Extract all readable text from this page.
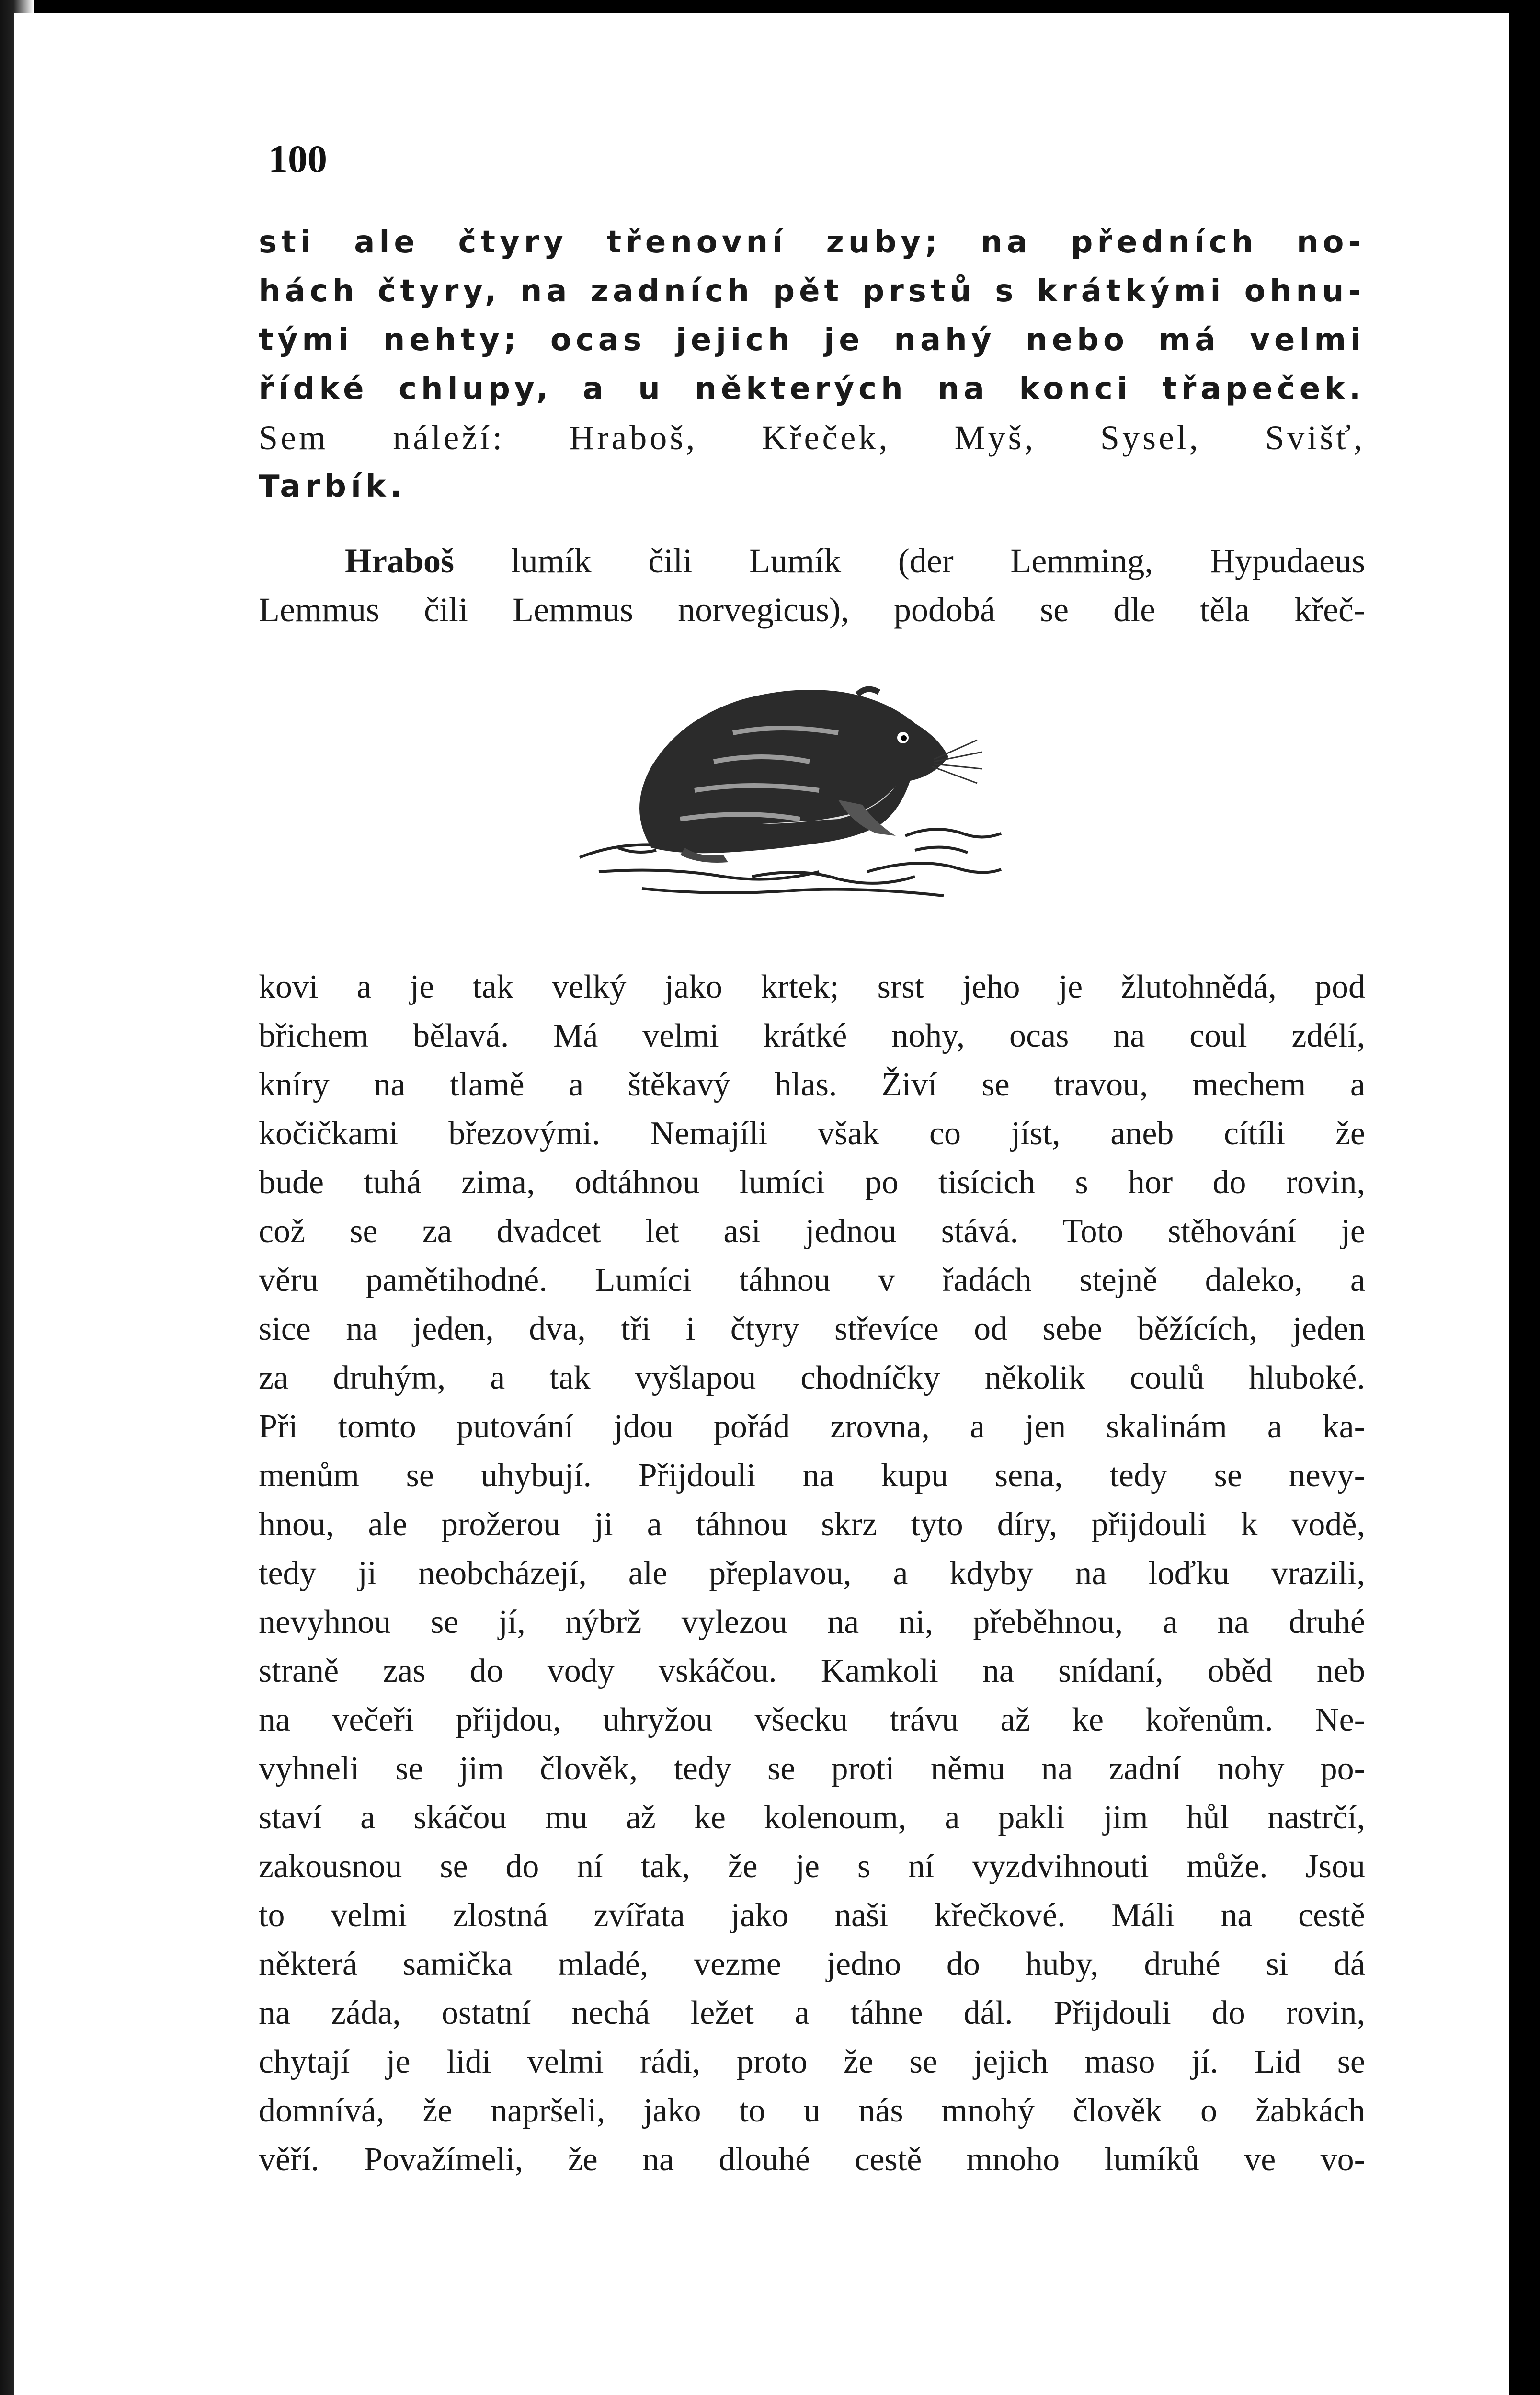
100
sti ale čtyry třenovní zuby; na předních no-
hách čtyry, na zadních pět prstů s krátkými ohnu-
tými nehty; ocas jejich je nahý nebo má velmi
řídké chlupy, a u některých na konci třapeček.
Sem náleží: Hraboš, Křeček, Myš, Sysel, Svišť,
Tarbík.
Hraboš lumík čili Lumík (der Lemming, Hypudaeus
Lemmus čili Lemmus norvegicus), podobá se dle těla křeč-
kovi a je tak velký jako krtek; srst jeho je žlutohnědá, pod
břichem bělavá. Má velmi krátké nohy, ocas na coul zdélí,
kníry na tlamě a štěkavý hlas. Živí se travou, mechem a
kočičkami březovými. Nemajíli však co jíst, aneb cítíli že
bude tuhá zima, odtáhnou lumíci po tisícich s hor do rovin,
což se za dvadcet let asi jednou stává. Toto stěhování je
věru pamětihodné. Lumíci táhnou v řadách stejně daleko, a
sice na jeden, dva, tři i čtyry střevíce od sebe běžících, jeden
za druhým, a tak vyšlapou chodníčky několik coulů hluboké.
Při tomto putování jdou pořád zrovna, a jen skalinám a ka-
menům se uhybují. Přijdouli na kupu sena, tedy se nevy-
hnou, ale prožerou ji a táhnou skrz tyto díry, přijdouli k vodě,
tedy ji neobcházejí, ale přeplavou, a kdyby na loďku vrazili,
nevyhnou se jí, nýbrž vylezou na ni, přeběhnou, a na druhé
straně zas do vody vskáčou. Kamkoli na snídaní, oběd neb
na večeři přijdou, uhryžou všecku trávu až ke kořenům. Ne-
vyhneli se jim člověk, tedy se proti němu na zadní nohy po-
staví a skáčou mu až ke kolenoum, a pakli jim hůl nastrčí,
zakousnou se do ní tak, že je s ní vyzdvihnouti může. Jsou
to velmi zlostná zvířata jako naši křečkové. Máli na cestě
některá samička mladé, vezme jedno do huby, druhé si dá
na záda, ostatní nechá ležet a táhne dál. Přijdouli do rovin,
chytají je lidi velmi rádi, proto že se jejich maso jí. Lid se
domnívá, že napršeli, jako to u nás mnohý člověk o žabkách
věří. Považímeli, že na dlouhé cestě mnoho lumíků ve vo-
